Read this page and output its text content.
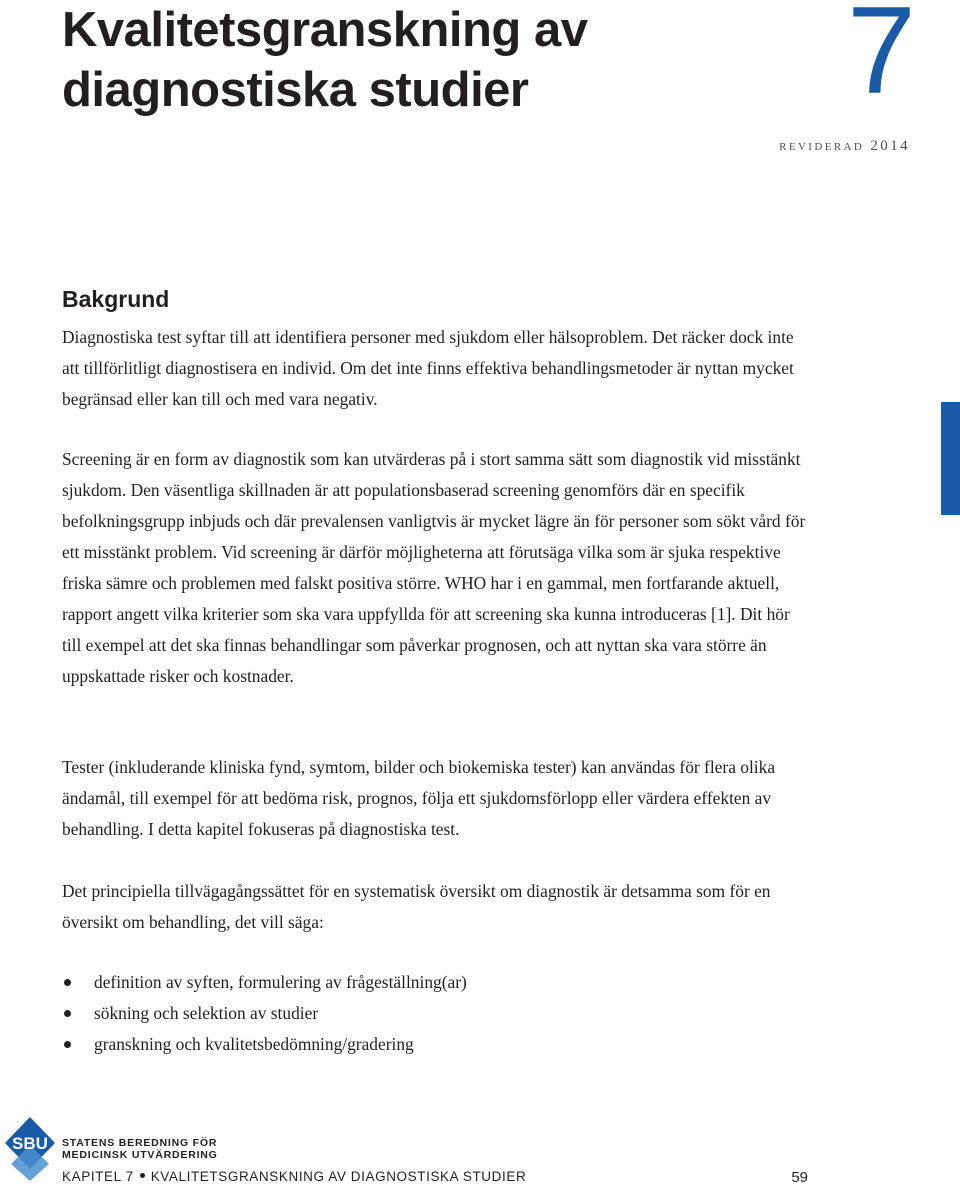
Kvalitetsgranskning av
diagnostiska studier	7
reviderad 2014
Bakgrund

Diagnostiska test syftar till att identifiera personer med sjukdom eller hälsoproblem. Det räcker dock inte att tillförlitligt diagnostisera en individ. Om det inte finns effektiva behandlingsmetoder är nyttan mycket begränsad eller kan till och med vara negativ.

Screening är en form av diagnostik som kan utvärderas på i stort samma sätt som diagnostik vid misstänkt sjukdom. Den väsentliga skillnaden är att populationsbaserad screening genomförs där en specifik befolkningsgrupp inbjuds och där prevalensen vanligtvis är mycket lägre än för personer som sökt vård för ett misstänkt problem. Vid screening är därför möjligheterna att förutsäga vilka som är sjuka respektive friska sämre och problemen med falskt positiva större. WHO har i en gammal, men fortfarande aktuell, rapport angett vilka kriterier som ska vara uppfyllda för att screening ska kunna introduceras [1]. Dit hör till exempel att det ska finnas behandlingar som påverkar prognosen, och att nyttan ska vara större än uppskattade risker och kostnader.

Tester (inkluderande kliniska fynd, symtom, bilder och biokemiska tester) kan användas för flera olika ändamål, till exempel för att bedöma risk, prognos, följa ett sjukdomsförlopp eller värdera effekten av behandling. I detta kapitel fokuseras på diagnostiska test.

Det principiella tillvägagångssättet för en systematisk översikt om diagnostik är detsamma som för en översikt om behandling, det vill säga:

definition av syften, formulering av frågeställning(ar)
sökning och selektion av studier
granskning och kvalitetsbedömning/gradering
SBU STATENS BEREDNING FÖR
MEDICINSK UTVÄRDERING
KAPITEL 7 KVALITETSGRANSKNING AV DIAGNOSTISKA STUDIER	59
